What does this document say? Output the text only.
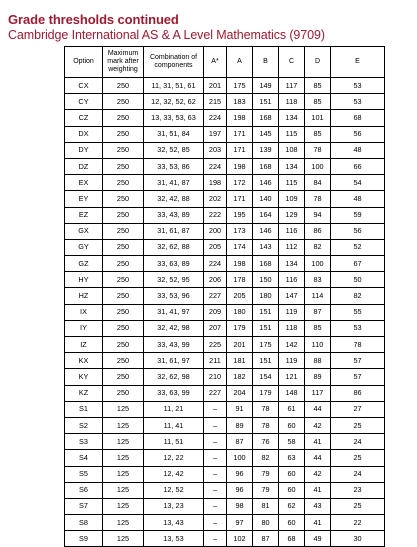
Grade thresholds continued
Cambridge International AS & A Level Mathematics (9709)
Option	Maximum mark after weighting	Combination of components	A*	A	B	C	D	E
CX	250	11, 31, 51, 61	201	175	149	117	85	53
CY	250	12, 32, 52, 62	215	183	151	118	85	53
CZ	250	13, 33, 53, 63	224	198	168	134	101	68
DX	250	31, 51, 84	197	171	145	115	85	56
DY	250	32, 52, 85	203	171	139	108	78	48
DZ	250	33, 53, 86	224	198	168	134	100	66
EX	250	31, 41, 87	198	172	146	115	84	54
EY	250	32, 42, 88	202	171	140	109	78	48
EZ	250	33, 43, 89	222	195	164	129	94	59
GX	250	31, 61, 87	200	173	146	116	86	56
GY	250	32, 62, 88	205	174	143	112	82	52
GZ	250	33, 63, 89	224	198	168	134	100	67
HY	250	32, 52, 95	206	178	150	116	83	50
HZ	250	33, 53, 96	227	205	180	147	114	82
IX	250	31, 41, 97	209	180	151	119	87	55
IY	250	32, 42, 98	207	179	151	118	85	53
IZ	250	33, 43, 99	225	201	175	142	110	78
KX	250	31, 61, 97	211	181	151	119	88	57
KY	250	32, 62, 98	210	182	154	121	89	57
KZ	250	33, 63, 99	227	204	179	148	117	86
S1	125	11, 21	–	91	78	61	44	27
S2	125	11, 41	–	89	78	60	42	25
S3	125	11, 51	–	87	76	58	41	24
S4	125	12, 22	–	100	82	63	44	25
S5	125	12, 42	–	96	79	60	42	24
S6	125	12, 52	–	96	79	60	41	23
S7	125	13, 23	–	98	81	62	43	25
S8	125	13, 43	–	97	80	60	41	22
S9	125	13, 53	–	102	87	68	49	30
